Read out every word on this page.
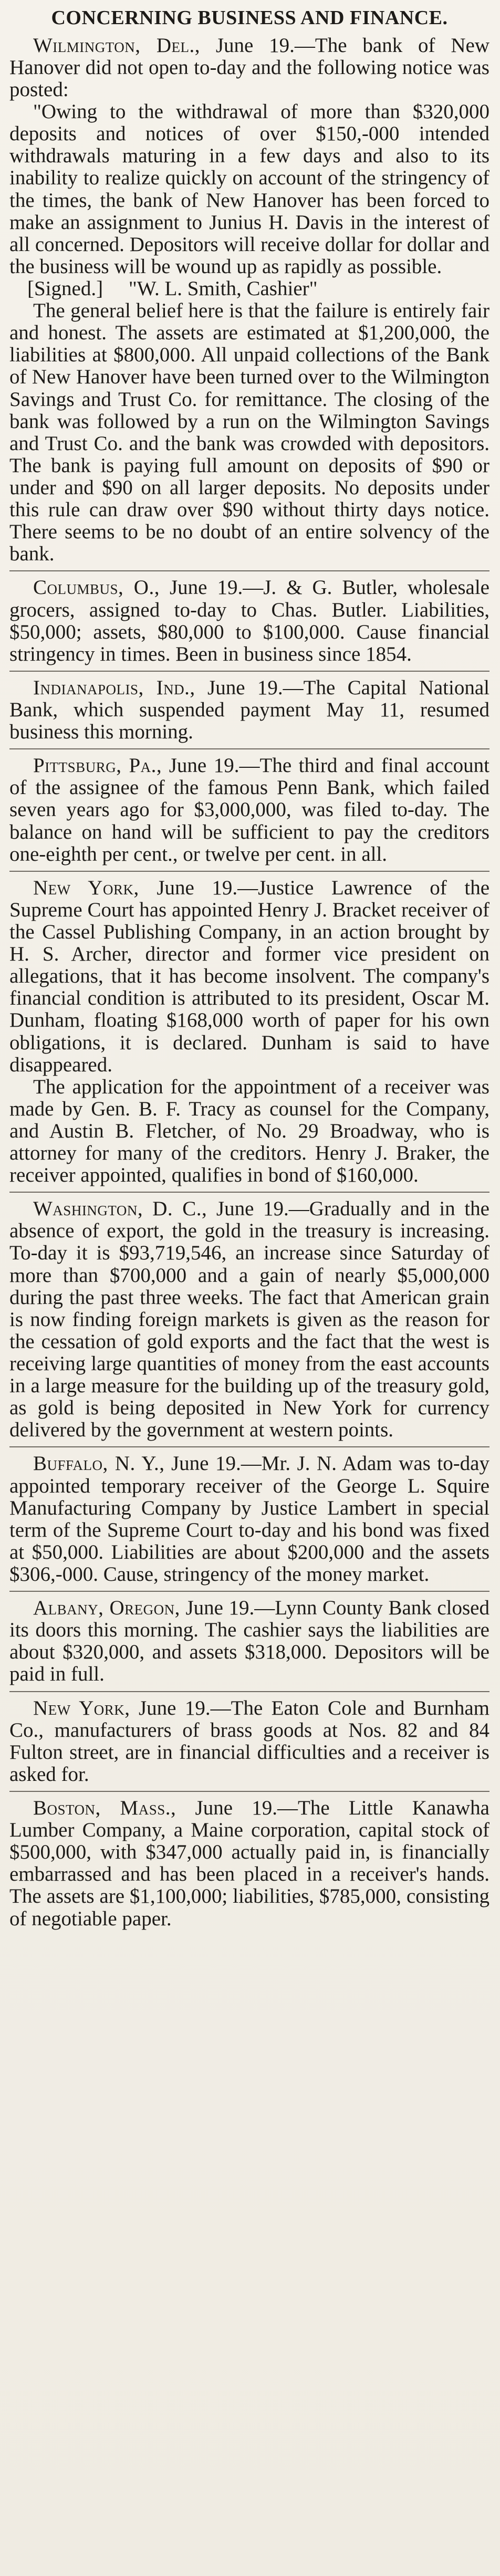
CONCERNING BUSINESS AND FINANCE.

Wilmington, Del., June 19.—The bank of New Hanover did not open to-day and the following notice was posted:

"Owing to the withdrawal of more than $320,000 deposits and notices of over $150,-000 intended withdrawals maturing in a few days and also to its inability to realize quickly on account of the stringency of the times, the bank of New Hanover has been forced to make an assignment to Junius H. Davis in the interest of all concerned. Depositors will receive dollar for dollar and the business will be wound up as rapidly as possible.

[Signed.] "W. L. Smith, Cashier"

The general belief here is that the failure is entirely fair and honest. The assets are estimated at $1,200,000, the liabilities at $800,000. All unpaid collections of the Bank of New Hanover have been turned over to the Wilmington Savings and Trust Co. for remittance. The closing of the bank was followed by a run on the Wilmington Savings and Trust Co. and the bank was crowded with depositors. The bank is paying full amount on deposits of $90 or under and $90 on all larger deposits. No deposits under this rule can draw over $90 without thirty days notice. There seems to be no doubt of an entire solvency of the bank.

Columbus, O., June 19.—J. & G. Butler, wholesale grocers, assigned to-day to Chas. Butler. Liabilities, $50,000; assets, $80,000 to $100,000. Cause financial stringency in times. Been in business since 1854.

Indianapolis, Ind., June 19.—The Capital National Bank, which suspended payment May 11, resumed business this morning.

Pittsburg, Pa., June 19.—The third and final account of the assignee of the famous Penn Bank, which failed seven years ago for $3,000,000, was filed to-day. The balance on hand will be sufficient to pay the creditors one-eighth per cent., or twelve per cent. in all.

New York, June 19.—Justice Lawrence of the Supreme Court has appointed Henry J. Bracket receiver of the Cassel Publishing Company, in an action brought by H. S. Archer, director and former vice president on allegations, that it has become insolvent. The company's financial condition is attributed to its president, Oscar M. Dunham, floating $168,000 worth of paper for his own obligations, it is declared. Dunham is said to have disappeared.

The application for the appointment of a receiver was made by Gen. B. F. Tracy as counsel for the Company, and Austin B. Fletcher, of No. 29 Broadway, who is attorney for many of the creditors. Henry J. Braker, the receiver appointed, qualifies in bond of $160,000.

Washington, D. C., June 19.—Gradually and in the absence of export, the gold in the treasury is increasing. To-day it is $93,719,546, an increase since Saturday of more than $700,000 and a gain of nearly $5,000,000 during the past three weeks. The fact that American grain is now finding foreign markets is given as the reason for the cessation of gold exports and the fact that the west is receiving large quantities of money from the east accounts in a large measure for the building up of the treasury gold, as gold is being deposited in New York for currency delivered by the government at western points.

Buffalo, N. Y., June 19.—Mr. J. N. Adam was to-day appointed temporary receiver of the George L. Squire Manufacturing Company by Justice Lambert in special term of the Supreme Court to-day and his bond was fixed at $50,000. Liabilities are about $200,000 and the assets $306,-000. Cause, stringency of the money market.

Albany, Oregon, June 19.—Lynn County Bank closed its doors this morning. The cashier says the liabilities are about $320,000, and assets $318,000. Depositors will be paid in full.

New York, June 19.—The Eaton Cole and Burnham Co., manufacturers of brass goods at Nos. 82 and 84 Fulton street, are in financial difficulties and a receiver is asked for.

Boston, Mass., June 19.—The Little Kanawha Lumber Company, a Maine corporation, capital stock of $500,000, with $347,000 actually paid in, is financially embarrassed and has been placed in a receiver's hands. The assets are $1,100,000; liabilities, $785,000, consisting of negotiable paper.
